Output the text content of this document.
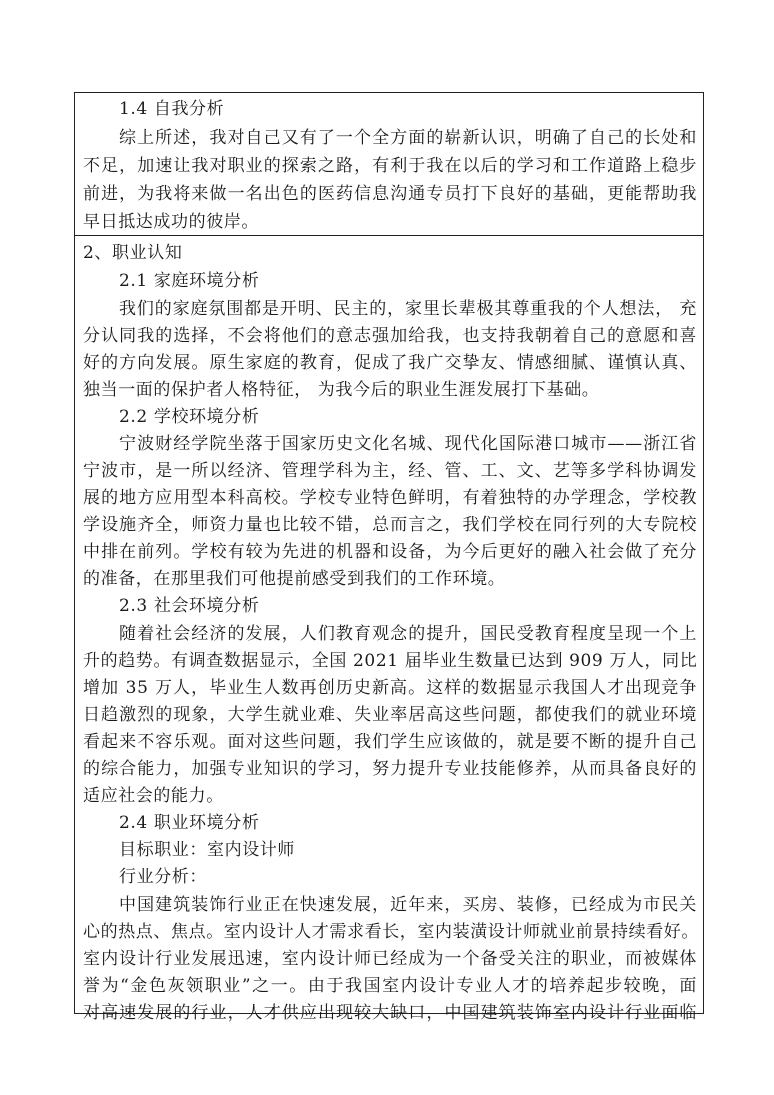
1.4 自我分析
综上所述，我对自己又有了一个全方面的崭新认识，明确了自己的长处和
不足，加速让我对职业的探索之路，有利于我在以后的学习和工作道路上稳步
前进，为我将来做一名出色的医药信息沟通专员打下良好的基础，更能帮助我
早日抵达成功的彼岸。
2、职业认知
2.1 家庭环境分析
我们的家庭氛围都是开明、民主的，家里长辈极其尊重我的个人想法， 充
分认同我的选择，不会将他们的意志强加给我，也支持我朝着自己的意愿和喜
好的方向发展。原生家庭的教育，促成了我广交挚友、情感细腻、谨慎认真、
独当一面的保护者人格特征， 为我今后的职业生涯发展打下基础。
2.2 学校环境分析
宁波财经学院坐落于国家历史文化名城、现代化国际港口城市——浙江省
宁波市，是一所以经济、管理学科为主，经、管、工、文、艺等多学科协调发
展的地方应用型本科高校。学校专业特色鲜明，有着独特的办学理念，学校教
学设施齐全，师资力量也比较不错，总而言之，我们学校在同行列的大专院校
中排在前列。学校有较为先进的机器和设备，为今后更好的融入社会做了充分
的准备，在那里我们可他提前感受到我们的工作环境。
2.3 社会环境分析
随着社会经济的发展，人们教育观念的提升，国民受教育程度呈现一个上
升的趋势。有调查数据显示，全国 2021 届毕业生数量已达到 909 万人，同比
增加 35 万人，毕业生人数再创历史新高。这样的数据显示我国人才出现竞争
日趋激烈的现象，大学生就业难、失业率居高这些问题，都使我们的就业环境
看起来不容乐观。面对这些问题，我们学生应该做的，就是要不断的提升自己
的综合能力，加强专业知识的学习，努力提升专业技能修养，从而具备良好的
适应社会的能力。
2.4 职业环境分析
目标职业：室内设计师
行业分析：
中国建筑装饰行业正在快速发展，近年来，买房、装修，已经成为市民关
心的热点、焦点。室内设计人才需求看长，室内装潢设计师就业前景持续看好。
室内设计行业发展迅速，室内设计师已经成为一个备受关注的职业，而被媒体
誉为“金色灰领职业”之一。由于我国室内设计专业人才的培养起步较晚，面
对高速发展的行业，人才供应出现较大缺口，中国建筑装饰室内设计行业面临
